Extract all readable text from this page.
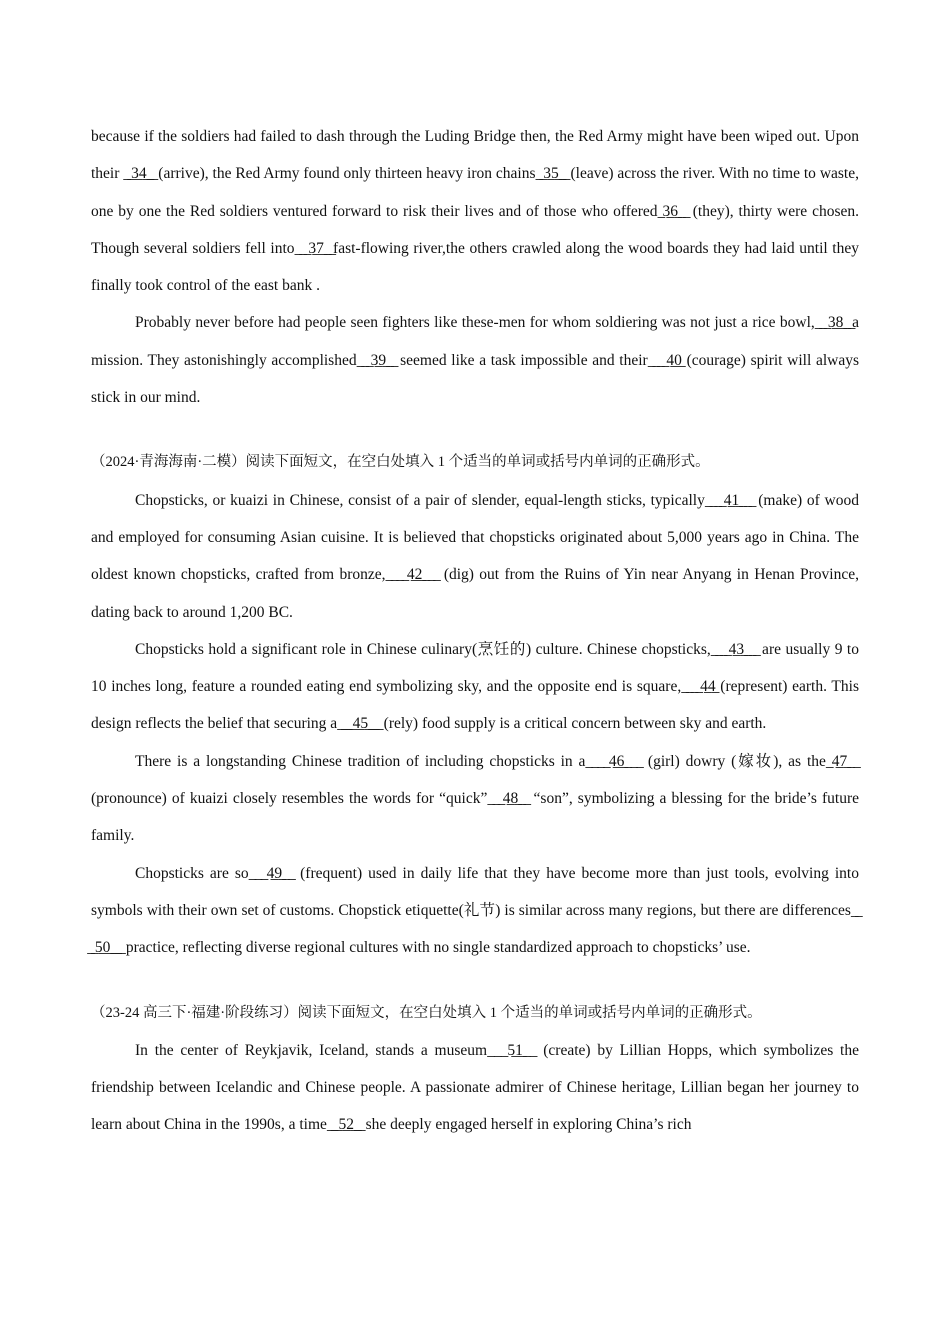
because if the soldiers had failed to dash through the Luding Bridge then, the Red Army might have been wiped out. Upon their  ̲ ̲3̲4̲ ̲ ̲ (arrive), the Red Army found only thirteen heavy iron chains ̲ ̲3̲5̲ ̲ ̲ (leave) across the river. With no time to waste, one by one the Red soldiers ventured forward to risk their lives and of those who offered ̲3̲6̲ ̲ ̲ (they), thirty were chosen. Though several soldiers fell into ̲ ̲ ̲3̲7̲ ̲ ̲fast-flowing river,the others crawled along the wood boards they had laid until they finally took control of the east bank .

Probably never before had people seen fighters like these-men for whom soldiering was not just a rice bowl, ̲ ̲ ̲3̲8̲ ̲ ̲a mission. They astonishingly accomplished ̲ ̲ ̲3̲9̲ ̲ ̲ seemed like a task impossible and their ̲ ̲ ̲ ̲4̲0̲ (courage) spirit will always stick in our mind.

（2024·青海海南·二模）阅读下面短文，在空白处填入 1 个适当的单词或括号内单词的正确形式。

Chopsticks, or kuaizi in Chinese, consist of a pair of slender, equal-length sticks, typically ̲ ̲ ̲ ̲4̲1̲ ̲ ̲ ̲ (make) of wood and employed for consuming Asian cuisine. It is believed that chopsticks originated about 5,000 years ago in China. The oldest known chopsticks, crafted from bronze, ̲ ̲ ̲ ̲4̲2̲ ̲ ̲ ̲ (dig) out from the Ruins of Yin near Anyang in Henan Province, dating back to around 1,200 BC.

Chopsticks hold a significant role in Chinese culinary(烹饪的) culture. Chinese chopsticks, ̲ ̲ ̲ ̲4̲3̲ ̲ ̲ ̲ are usually 9 to 10 inches long, feature a rounded eating end symbolizing sky, and the opposite end is square, ̲ ̲ ̲ ̲4̲4̲ (represent) earth. This design reflects the belief that securing a ̲ ̲ ̲ ̲4̲5̲ ̲ ̲ ̲ (rely) food supply is a critical concern between sky and earth.

There is a longstanding Chinese tradition of including chopsticks in a ̲ ̲ ̲ ̲4̲6̲ ̲ ̲ ̲ (girl) dowry (嫁妆), as the ̲4̲7̲ ̲ ̲ (pronounce) of kuaizi closely resembles the words for “quick” ̲ ̲ ̲4̲8̲ ̲ ̲ “son”, symbolizing a blessing for the bride’s future family.

Chopsticks are so ̲ ̲ ̲4̲9̲ ̲ ̲ (frequent) used in daily life that they have become more than just tools, evolving into symbols with their own set of customs. Chopstick etiquette(礼节) is similar across many regions, but there are differences ̲ ̲ ̲ ̲5̲0̲ ̲ ̲ ̲ practice, reflecting diverse regional cultures with no single standardized approach to chopsticks’ use.

（23-24 高三下·福建·阶段练习）阅读下面短文，在空白处填入 1 个适当的单词或括号内单词的正确形式。

In the center of Reykjavik, Iceland, stands a museum ̲ ̲ ̲5̲1̲ ̲ ̲ (create) by Lillian Hopps, which symbolizes the friendship between Icelandic and Chinese people. A passionate admirer of Chinese heritage, Lillian began her journey to learn about China in the 1990s, a time ̲ ̲ ̲5̲2̲ ̲ ̲ she deeply engaged herself in exploring China’s rich
